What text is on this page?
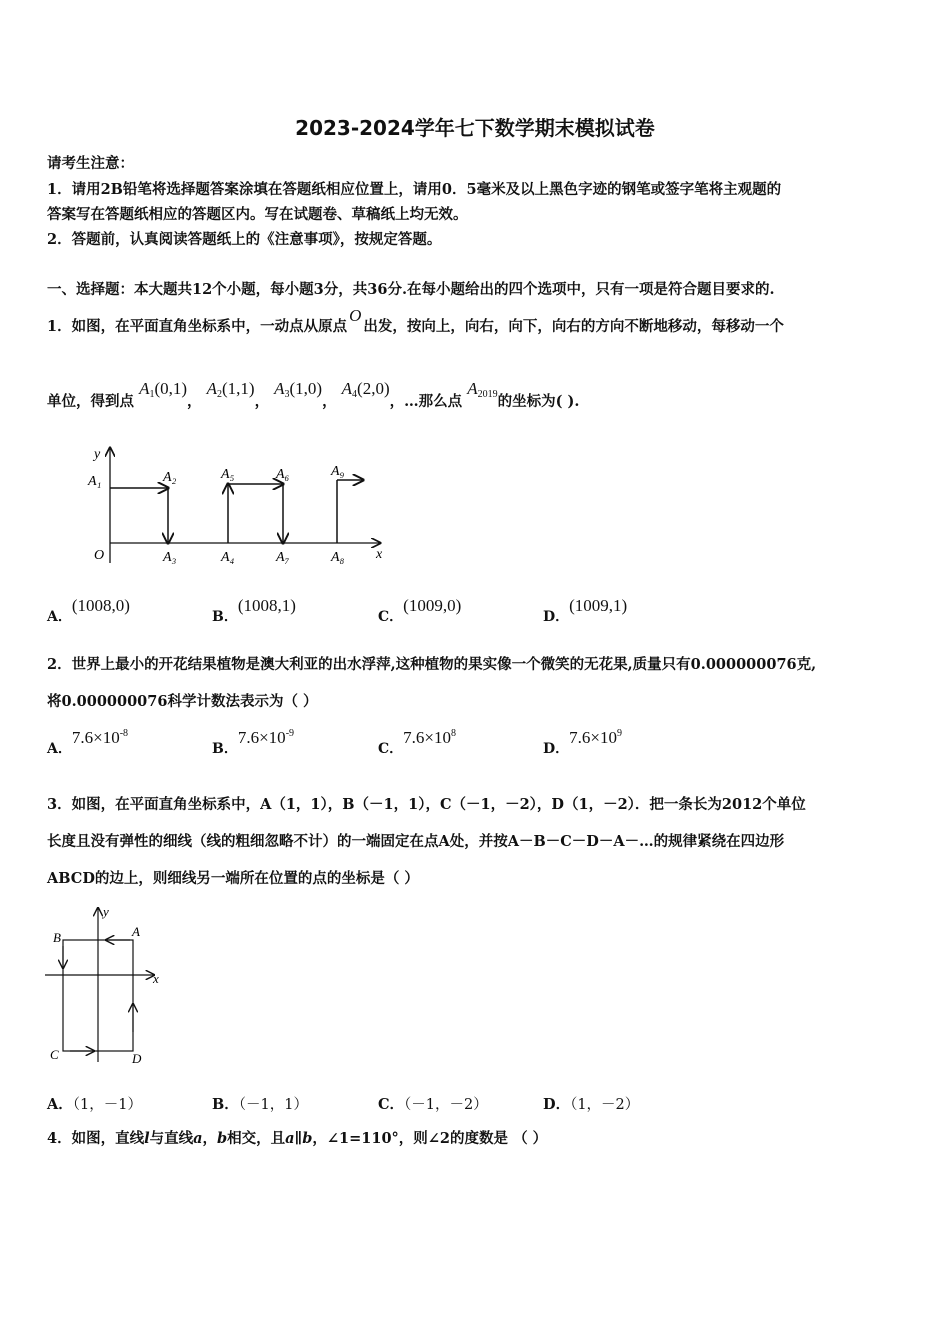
2023-2024学年七下数学期末模拟试卷
请考生注意：
1．请用2B铅笔将选择题答案涂填在答题纸相应位置上，请用0．5毫米及以上黑色字迹的钢笔或签字笔将主观题的
答案写在答题纸相应的答题区内。写在试题卷、草稿纸上均无效。
2．答题前，认真阅读答题纸上的《注意事项》，按规定答题。
一、选择题：本大题共12个小题，每小题3分，共36分.在每小题给出的四个选项中，只有一项是符合题目要求的.
1．如图，在平面直角坐标系中，一动点从原点O出发，按向上，向右，向下，向右的方向不断地移动，每移动一个
单位，得到点 $A_1(0,1)$， $A_2(1,1)$， $A_3(1,0)$， $A_4(2,0)$，…那么点 $A_{2019}$的坐标为( ).
y
x
O
A₁	A₂
A₃	A₄
A₅	A₆
A₇	A₈
A₉
A．(1008,0)
B．(1008,1)
C．(1009,0)
D．(1009,1)
2．世界上最小的开花结果植物是澳大利亚的出水浮萍,这种植物的果实像一个微笑的无花果,质量只有0.000000076克,
将0.000000076科学计数法表示为（ ）
A．$7.6\times 10^{-8}$
B．$7.6\times 10^{-9}$
C．$7.6\times 10^8$
D．$7.6\times 10^9$
3．如图，在平面直角坐标系中，A（1，1），B（－1，1），C（－1，－2），D（1，－2）．把一条长为2012个单位
长度且没有弹性的细线（线的粗细忽略不计）的一端固定在点A处，并按A－B－C－D－A－…的规律紧绕在四边形
ABCD的边上，则细线另一端所在位置的点的坐标是（ ）
y
x
A
B
C	D
A．（1，－1）	B．（－1，1）	C．（－1，－2）	D．（1，－2）
4．如图，直线l与直线a，b相交，且a∥b，∠1=110°，则∠2的度数是 （ ）
